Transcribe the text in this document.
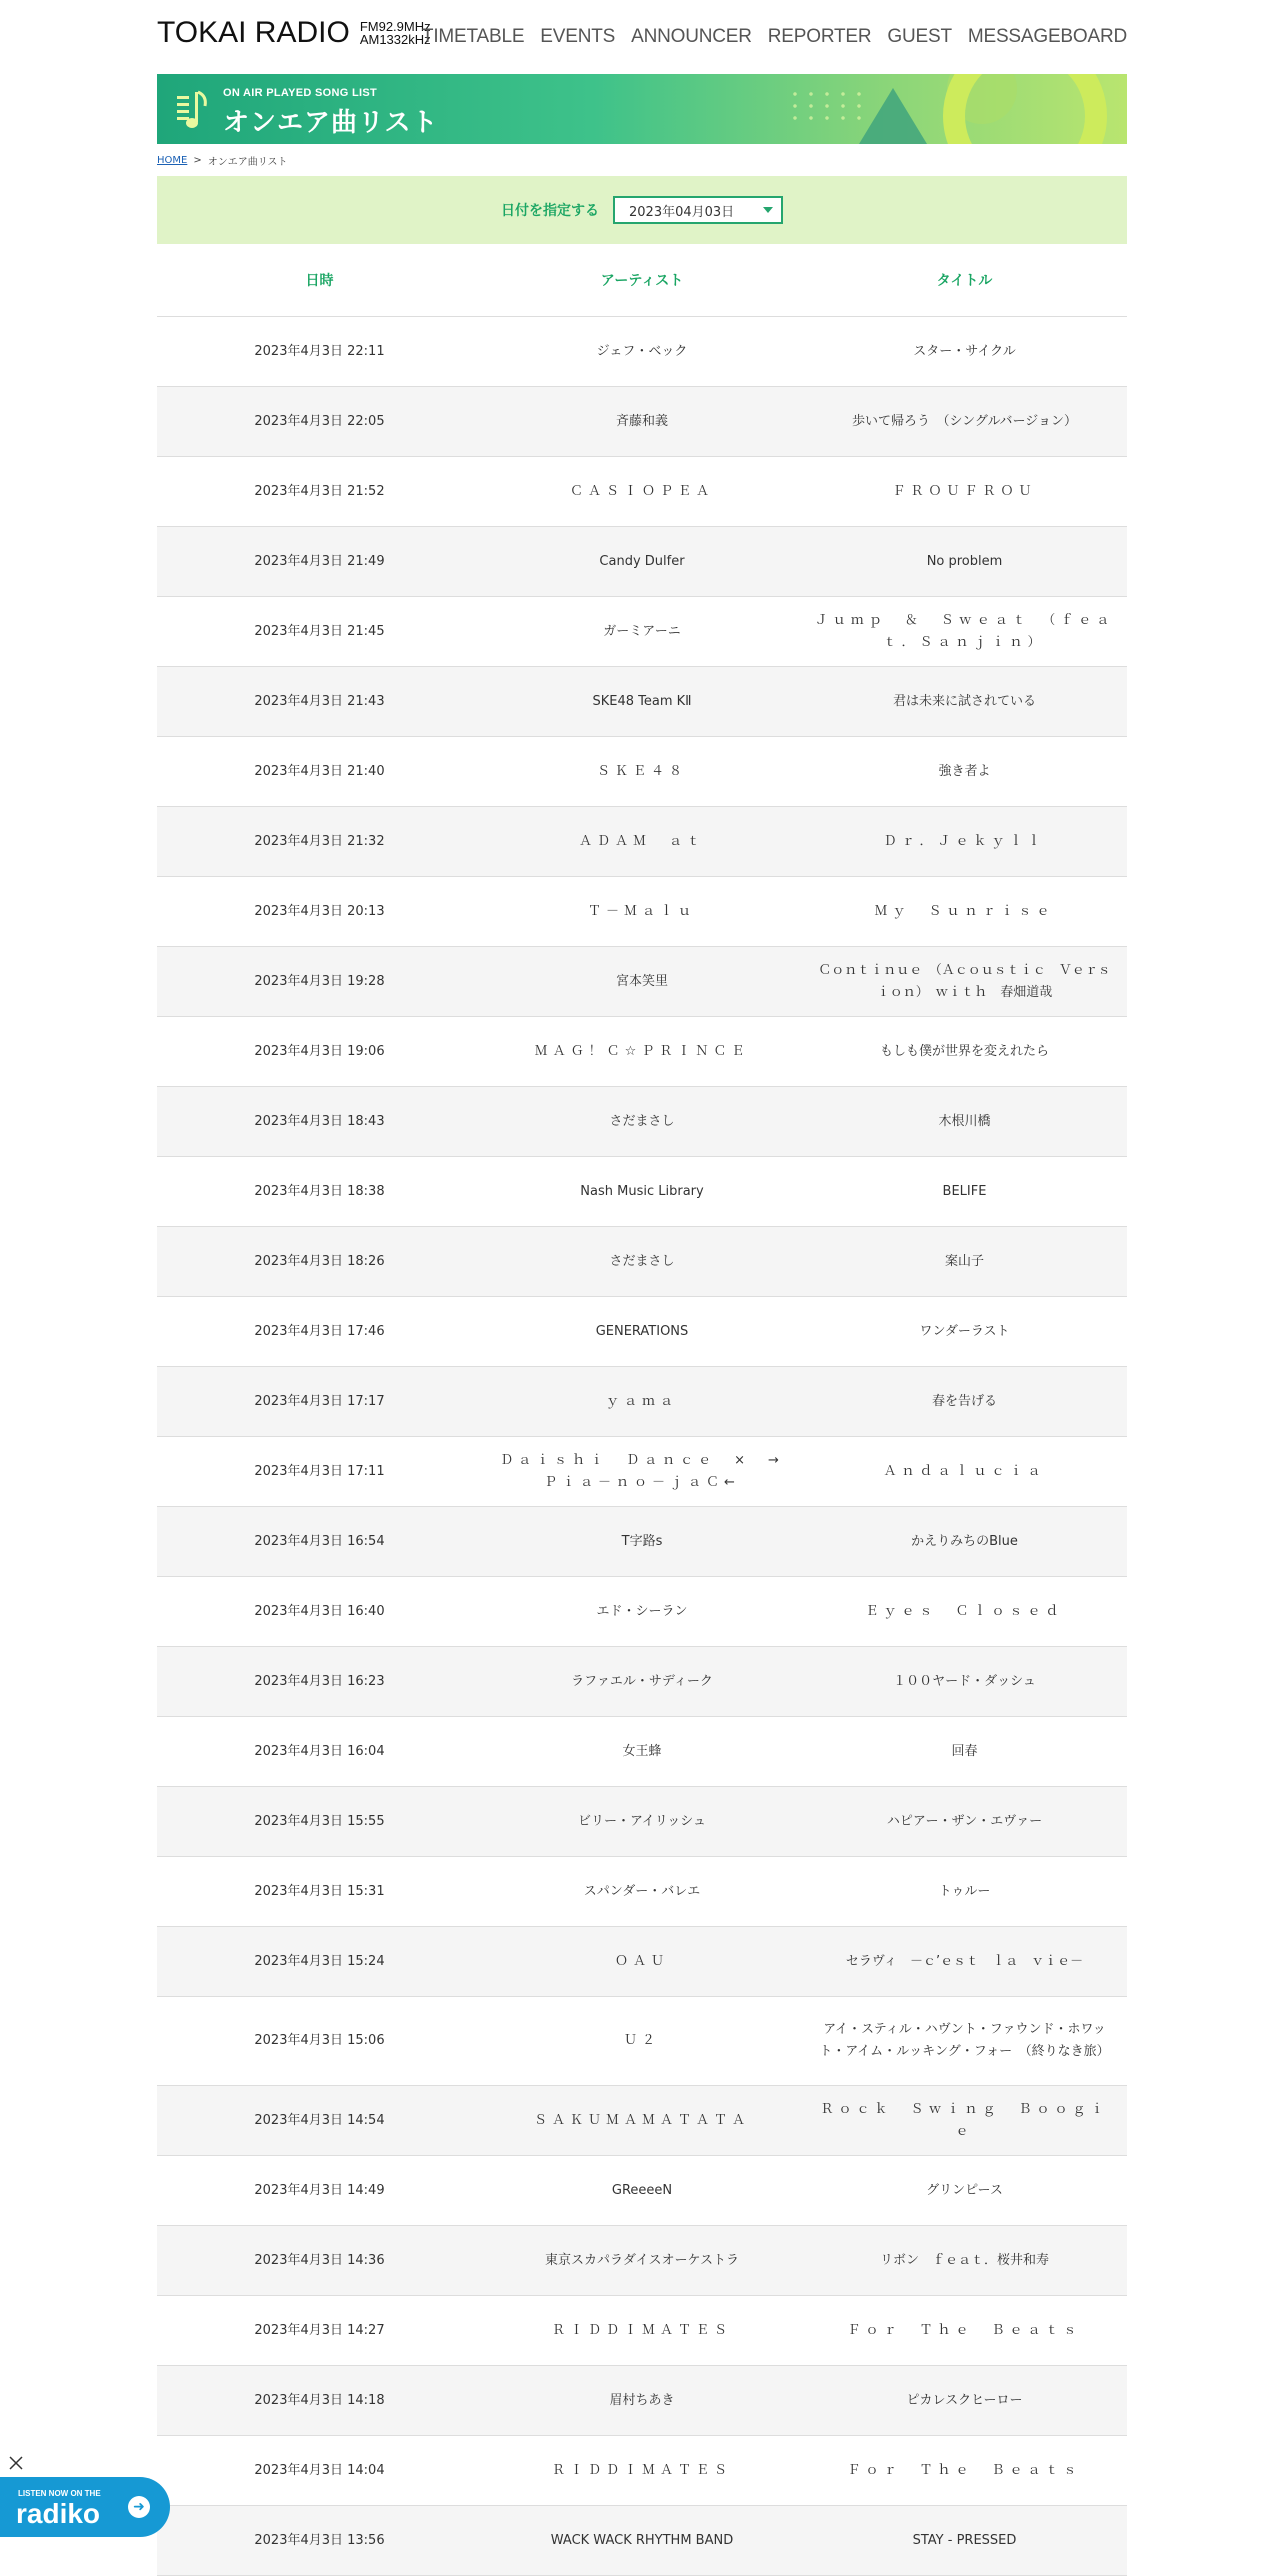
TOKAI RADIO FM92.9MHz
AM1332kHz
TIMETABLE EVENTS ANNOUNCER REPORTER GUEST MESSAGEBOARD
ON AIR PLAYED SONG LIST
オンエア曲リスト
HOME > オンエア曲リスト
日付を指定する 2023年04月03日
日時	アーティスト	タイトル
2023年4月3日 22:11	ジェフ・ベック	スター・サイクル
2023年4月3日 22:05	斉藤和義	歩いて帰ろう　（シングルバージョン）
2023年4月3日 21:52	ＣＡＳＩＯＰＥＡ	ＦＲＯＵＦＲＯＵ
2023年4月3日 21:49	Candy Dulfer	No problem
2023年4月3日 21:45	ガーミアーニ	Ｊｕｍｐ　＆　Ｓｗｅａｔ　（ｆｅａｔ．Ｓａｎｊｉｎ）
2023年4月3日 21:43	SKE48 Team KⅡ	君は未来に試されている
2023年4月3日 21:40	ＳＫＥ４８	強き者よ
2023年4月3日 21:32	ＡＤＡＭ　ａｔ	Ｄｒ．Ｊｅｋｙｌｌ
2023年4月3日 20:13	Ｔ－Ｍａｌｕ	Ｍｙ　Ｓｕｎｒｉｓｅ
2023年4月3日 19:28	宮本笑里	Ｃｏｎｔｉｎｕｅ　（Ａｃｏｕｓｔｉｃ　Ｖｅｒｓｉｏｎ）　ｗｉｔｈ　春畑道哉
2023年4月3日 19:06	ＭＡＧ！Ｃ☆ＰＲＩＮＣＥ	もしも僕が世界を変えれたら
2023年4月3日 18:43	さだまさし	木根川橋
2023年4月3日 18:38	Nash Music Library	BELIFE
2023年4月3日 18:26	さだまさし	案山子
2023年4月3日 17:46	GENERATIONS	ワンダーラスト
2023年4月3日 17:17	ｙａｍａ	春を告げる
2023年4月3日 17:11	Ｄａｉｓｈｉ　Ｄａｎｃｅ　×　→Ｐｉａ－ｎｏ－ｊａＣ←	Ａｎｄａｌｕｃｉａ
2023年4月3日 16:54	T字路s	かえりみちのBlue
2023年4月3日 16:40	エド・シーラン	Ｅｙｅｓ　Ｃｌｏｓｅｄ
2023年4月3日 16:23	ラファエル・サディーク	１００ヤード・ダッシュ
2023年4月3日 16:04	女王蜂	回春
2023年4月3日 15:55	ビリー・アイリッシュ	ハピアー・ザン・エヴァー
2023年4月3日 15:31	スパンダー・バレエ	トゥルー
2023年4月3日 15:24	ＯＡＵ	セラヴィ　－ｃ’ｅｓｔ　ｌａ　ｖｉｅ－
2023年4月3日 15:06	Ｕ２	アイ・スティル・ハヴント・ファウンド・ホワット・アイム・ルッキング・フォー　（終りなき旅）
2023年4月3日 14:54	ＳＡＫＵＭＡＭＡＴＡＴＡ	Ｒｏｃｋ　Ｓｗｉｎｇ　Ｂｏｏｇｉｅ
2023年4月3日 14:49	GReeeeN	グリンピース
2023年4月3日 14:36	東京スカパラダイスオーケストラ	リボン　ｆｅａｔ．桜井和寿
2023年4月3日 14:27	ＲＩＤＤＩＭＡＴＥＳ	Ｆｏｒ　Ｔｈｅ　Ｂｅａｔｓ
2023年4月3日 14:18	眉村ちあき	ピカレスクヒーロー
2023年4月3日 14:04	ＲＩＤＤＩＭＡＴＥＳ	Ｆｏｒ　Ｔｈｅ　Ｂｅａｔｓ
2023年4月3日 13:56	WACK WACK RHYTHM BAND	STAY - PRESSED
LISTEN NOW ON THE
radiko	➜
